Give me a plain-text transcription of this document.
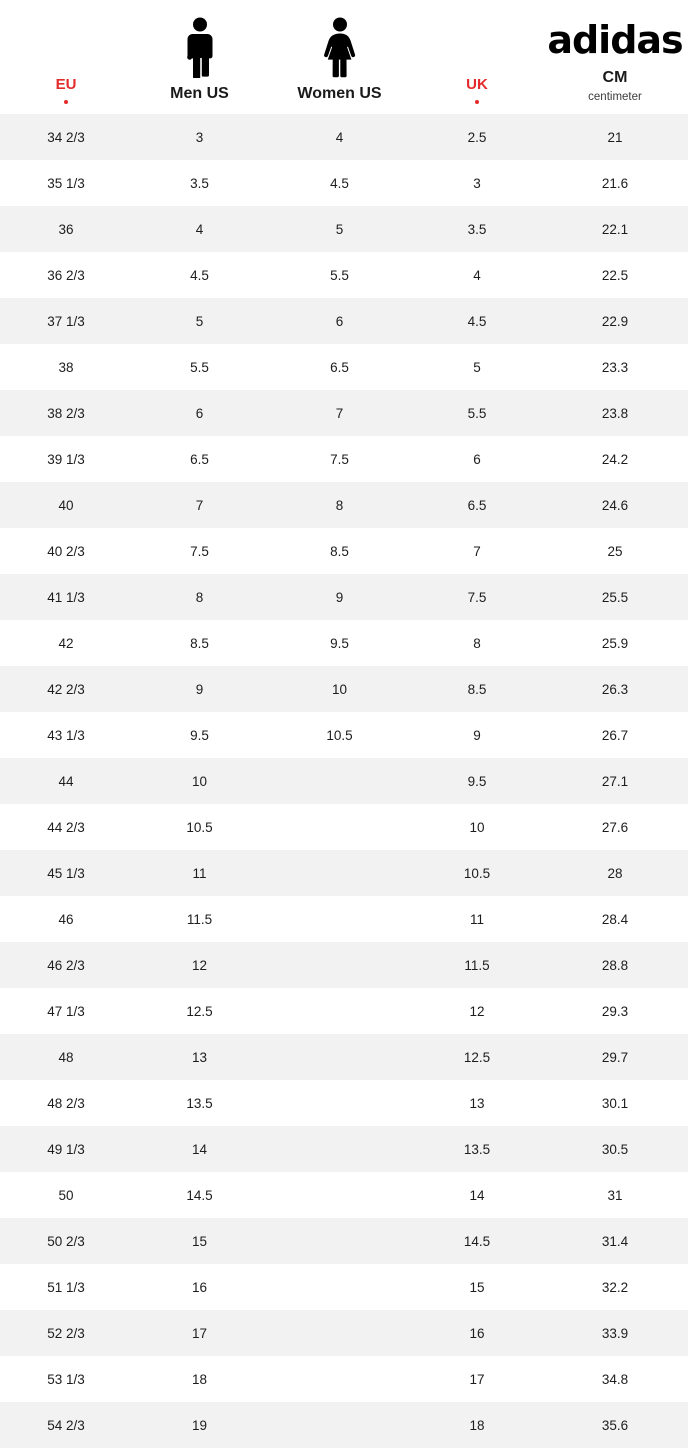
EU	Men US	Women US	UK	adidas
CM
centimeter

34 2/3	3	4	2.5	21
35 1/3	3.5	4.5	3	21.6
36	4	5	3.5	22.1
36 2/3	4.5	5.5	4	22.5
37 1/3	5	6	4.5	22.9
38	5.5	6.5	5	23.3
38 2/3	6	7	5.5	23.8
39 1/3	6.5	7.5	6	24.2
40	7	8	6.5	24.6
40 2/3	7.5	8.5	7	25
41 1/3	8	9	7.5	25.5
42	8.5	9.5	8	25.9
42 2/3	9	10	8.5	26.3
43 1/3	9.5	10.5	9	26.7
44	10		9.5	27.1
44 2/3	10.5		10	27.6
45 1/3	11		10.5	28
46	11.5		11	28.4
46 2/3	12		11.5	28.8
47 1/3	12.5		12	29.3
48	13		12.5	29.7
48 2/3	13.5		13	30.1
49 1/3	14		13.5	30.5
50	14.5		14	31
50 2/3	15		14.5	31.4
51 1/3	16		15	32.2
52 2/3	17		16	33.9
53 1/3	18		17	34.8
54 2/3	19		18	35.6
